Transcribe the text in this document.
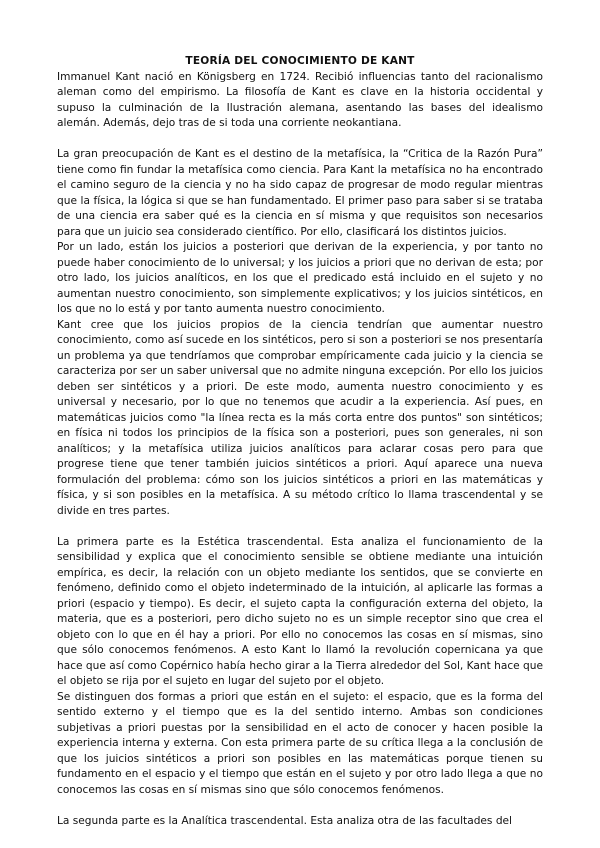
TEORÍA DEL CONOCIMIENTO DE KANT

Immanuel Kant nació en Königsberg en 1724. Recibió influencias tanto del racionalismo aleman como del empirismo. La filosofía de Kant es clave en la historia occidental y supuso la culminación de la Ilustración alemana, asentando las bases del idealismo alemán. Además, dejo tras de si toda una corriente neokantiana.

La gran preocupación de Kant es el destino de la metafísica, la “Critica de la Razón Pura” tiene como fin fundar la metafísica como ciencia. Para Kant la metafísica no ha encontrado el camino seguro de la ciencia y no ha sido capaz de progresar de modo regular mientras que la física, la lógica si que se han fundamentado. El primer paso para saber si se trataba de una ciencia era saber qué es la ciencia en sí misma y que requisitos son necesarios para que un juicio sea considerado científico. Por ello, clasificará los distintos juicios.

Por un lado, están los juicios a posteriori que derivan de la experiencia, y por tanto no puede haber conocimiento de lo universal; y los juicios a priori que no derivan de esta; por otro lado, los juicios analíticos, en los que el predicado está incluido en el sujeto y no aumentan nuestro conocimiento, son simplemente explicativos; y los juicios sintéticos, en los que no lo está y por tanto aumenta nuestro conocimiento.

Kant cree que los juicios propios de la ciencia tendrían que aumentar nuestro conocimiento, como así sucede en los sintéticos, pero si son a posteriori se nos presentaría un problema ya que tendríamos que comprobar empíricamente cada juicio y la ciencia se caracteriza por ser un saber universal que no admite ninguna excepción. Por ello los juicios deben ser sintéticos y a priori. De este modo, aumenta nuestro conocimiento y es universal y necesario, por lo que no tenemos que acudir a la experiencia. Así pues, en matemáticas juicios como "la línea recta es la más corta entre dos puntos" son sintéticos; en física ni todos los principios de la física son a posteriori, pues son generales, ni son analíticos; y la metafísica utiliza juicios analíticos para aclarar cosas pero para que progrese tiene que tener también juicios sintéticos a priori. Aquí aparece una nueva formulación del problema: cómo son los juicios sintéticos a priori en las matemáticas y física, y si son posibles en la metafísica. A su método crítico lo llama trascendental y se divide en tres partes.

La primera parte es la Estética trascendental. Esta analiza el funcionamiento de la sensibilidad y explica que el conocimiento sensible se obtiene mediante una intuición empírica, es decir, la relación con un objeto mediante los sentidos, que se convierte en fenómeno, definido como el objeto indeterminado de la intuición, al aplicarle las formas a priori (espacio y tiempo). Es decir, el sujeto capta la configuración externa del objeto, la materia, que es a posteriori, pero dicho sujeto no es un simple receptor sino que crea el objeto con lo que en él hay a priori. Por ello no conocemos las cosas en sí mismas, sino que sólo conocemos fenómenos. A esto Kant lo llamó la revolución copernicana ya que hace que así como Copérnico había hecho girar a la Tierra alrededor del Sol, Kant hace que el objeto se rija por el sujeto en lugar del sujeto por el objeto.

Se distinguen dos formas a priori que están en el sujeto: el espacio, que es la forma del sentido externo y el tiempo que es la del sentido interno. Ambas son condiciones subjetivas a priori puestas por la sensibilidad en el acto de conocer y hacen posible la experiencia interna y externa. Con esta primera parte de su crítica llega a la conclusión de que los juicios sintéticos a priori son posibles en las matemáticas porque tienen su fundamento en el espacio y el tiempo que están en el sujeto y por otro lado llega a que no conocemos las cosas en sí mismas sino que sólo conocemos fenómenos.

La segunda parte es la Analítica trascendental. Esta analiza otra de las facultades del
